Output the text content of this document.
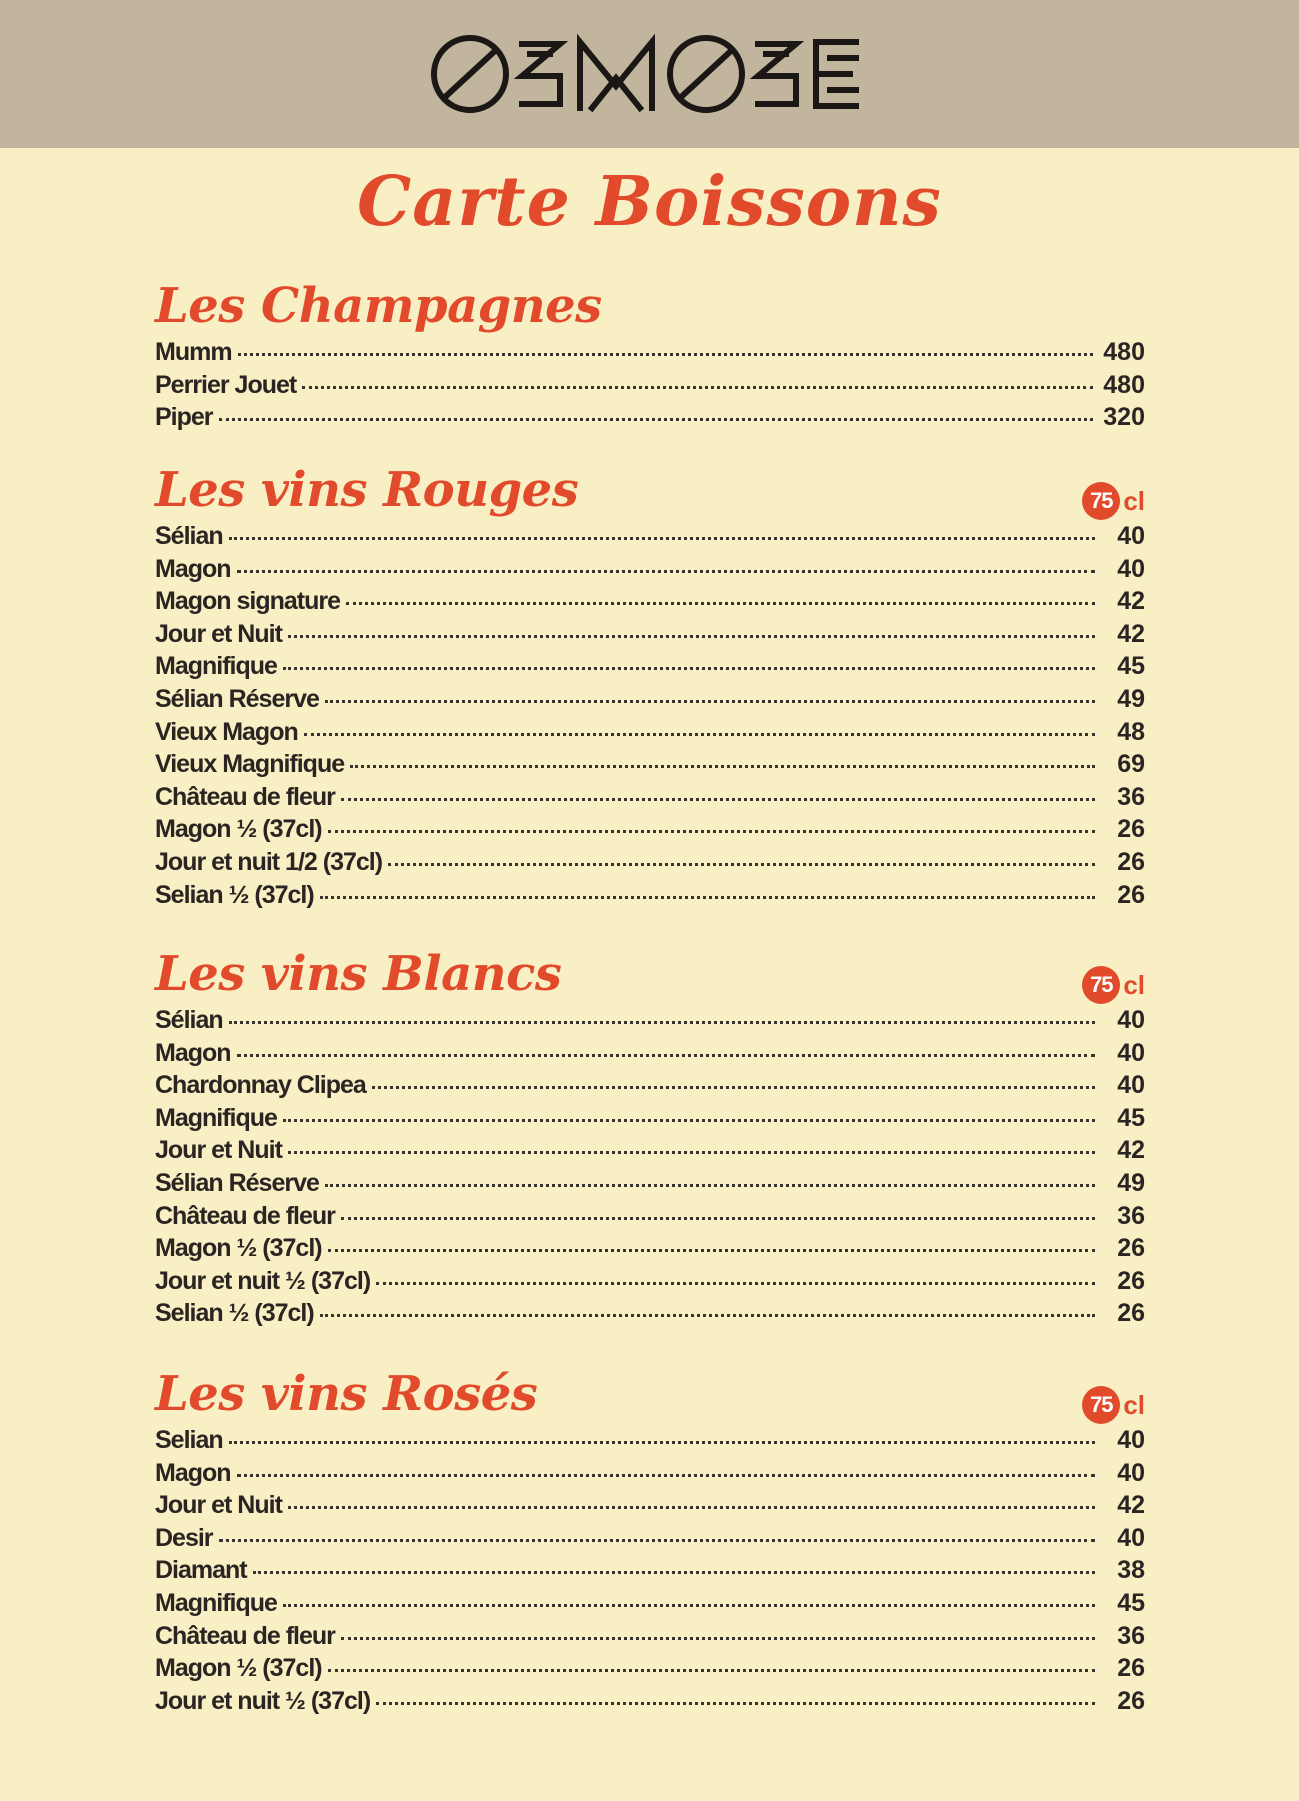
Carte Boissons
Les Champagnes
Mumm	480
Perrier Jouet	480
Piper	320
Les vins Rouges	75 cl
Sélian	40
Magon	40
Magon signature	42
Jour et Nuit	42
Magnifique	45
Sélian Réserve	49
Vieux Magon	48
Vieux Magnifique	69
Château de fleur	36
Magon ½ (37cl)	26
Jour et nuit 1/2 (37cl)	26
Selian ½ (37cl)	26
Les vins Blancs	75 cl
Sélian	40
Magon	40
Chardonnay Clipea	40
Magnifique	45
Jour et Nuit	42
Sélian Réserve	49
Château de fleur	36
Magon ½ (37cl)	26
Jour et nuit ½ (37cl)	26
Selian ½ (37cl)	26
Les vins Rosés	75 cl
Selian	40
Magon	40
Jour et Nuit	42
Desir	40
Diamant	38
Magnifique	45
Château de fleur	36
Magon ½ (37cl)	26
Jour et nuit ½ (37cl)	26
